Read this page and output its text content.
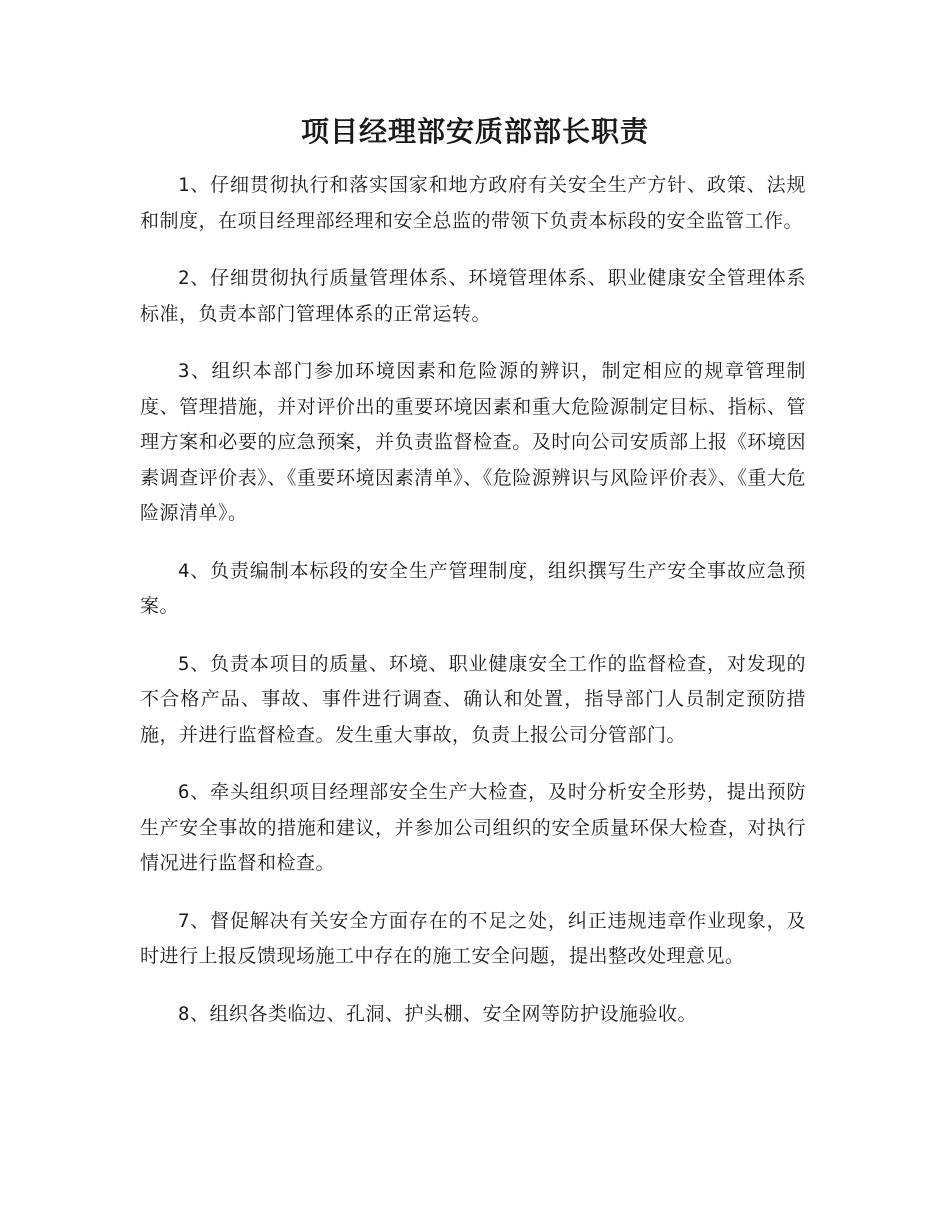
项目经理部安质部部长职责

1、仔细贯彻执行和落实国家和地方政府有关安全生产方针、政策、法规和制度，在项目经理部经理和安全总监的带领下负责本标段的安全监管工作。

2、仔细贯彻执行质量管理体系、环境管理体系、职业健康安全管理体系标准，负责本部门管理体系的正常运转。

3、组织本部门参加环境因素和危险源的辨识，制定相应的规章管理制度、管理措施，并对评价出的重要环境因素和重大危险源制定目标、指标、管理方案和必要的应急预案，并负责监督检查。及时向公司安质部上报《环境因素调查评价表》、《重要环境因素清单》、《危险源辨识与风险评价表》、《重大危险源清单》。

4、负责编制本标段的安全生产管理制度，组织撰写生产安全事故应急预案。

5、负责本项目的质量、环境、职业健康安全工作的监督检查，对发现的不合格产品、事故、事件进行调查、确认和处置，指导部门人员制定预防措施，并进行监督检查。发生重大事故，负责上报公司分管部门。

6、牵头组织项目经理部安全生产大检查，及时分析安全形势，提出预防生产安全事故的措施和建议，并参加公司组织的安全质量环保大检查，对执行情况进行监督和检查。

7、督促解决有关安全方面存在的不足之处，纠正违规违章作业现象，及时进行上报反馈现场施工中存在的施工安全问题，提出整改处理意见。

8、组织各类临边、孔洞、护头棚、安全网等防护设施验收。
